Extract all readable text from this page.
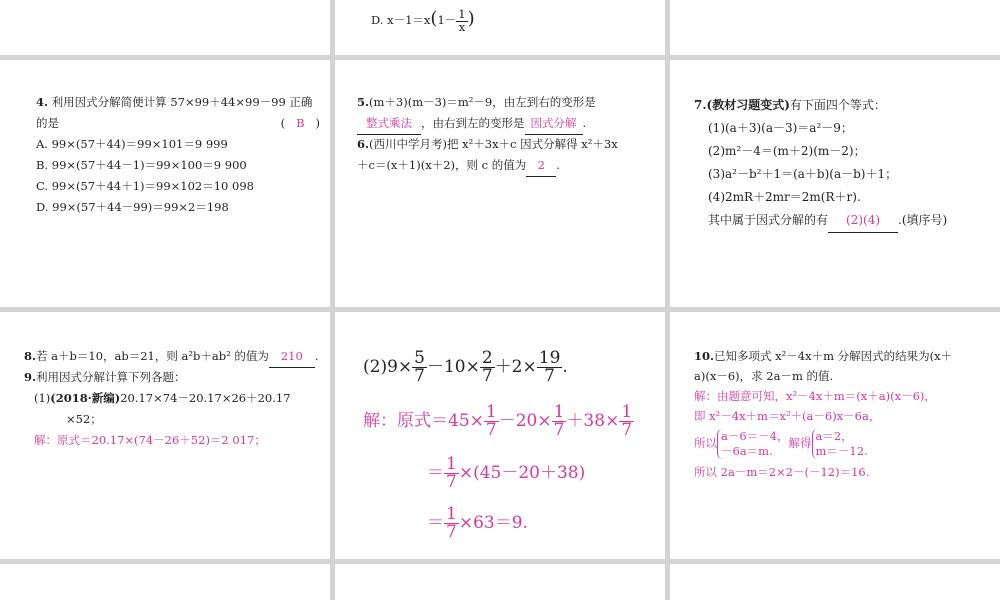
D. $x-1=x(1- \frac{1}{x}$ )
4. 利用因式分解简便计算 57×99＋44×99－99 正确
的是	(   B   )
A. 99×(57＋44)＝99×101＝9 999
B. 99×(57＋44－1)＝99×100＝9 900
C. 99×(57＋44＋1)＝99×102＝10 098
D. 99×(57＋44－99)＝99×2＝198
5.(m＋3)(m－3)＝m²－9，由左到右的变形是
整式乘法 ，由右到左的变形是 因式分解 .
6.(西川中学月考)把 x²＋3x＋c 因式分解得 x²＋3x
＋c＝(x＋1)(x＋2)，则 c 的值为 2 .
7.(教材习题变式)有下面四个等式：
(1)(a＋3)(a－3)＝a²－9；
(2)m²－4＝(m＋2)(m－2)；
(3)a²－b²＋1＝(a＋b)(a－b)＋1；
(4)2mR＋2mr＝2m(R＋r).
其中属于因式分解的有 (2)(4) .(填序号)
8.若 a＋b＝10，ab＝21，则 a²b＋ab² 的值为 210 .
9.利用因式分解计算下列各题：
(1)(2018·新编)20.17×74－20.17×26＋20.17
×52；
解：原式＝20.17×(74－26＋52)＝2 017；
$(2)9\times \frac{5}{7} -10\times \frac{2}{7} +2\times \frac{19}{7}$ .
解：原式$=45\times \frac{1}{7} -20\times \frac{1}{7} +38\times \frac{1}{7}$
＝ $\frac{1}{7} \times(45-20+38)$
＝ $\frac{1}{7} \times 63=9$.
10.已知多项式 x²－4x＋m 分解因式的结果为(x＋
a)(x－6)，求 2a－m 的值.
解：由题意可知，x²－4x＋m＝(x＋a)(x－6)，
即 x²－4x＋m＝x²＋(a－6)x－6a，
所以 a－6＝－4，
－6a＝m.
解得 a＝2，
m＝－12.
所以 2a－m＝2×2－(－12)＝16.
